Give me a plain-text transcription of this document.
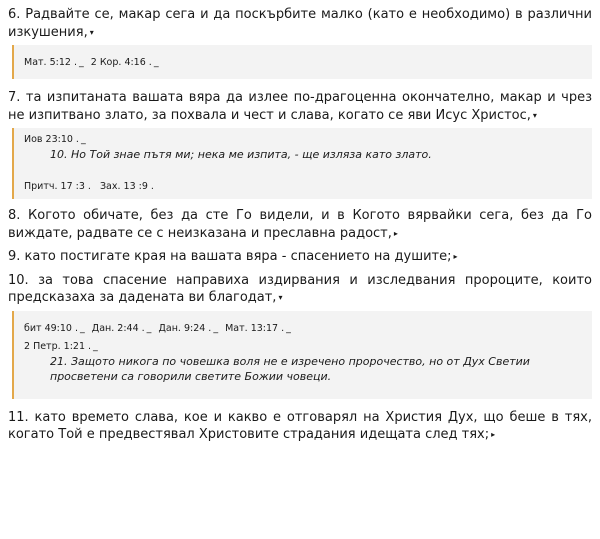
6. Радвайте се, макар сега и да поскърбите малко (като е необходимо) в различни изкушения, ▾

Мат. 5:12 . _ 2 Кор. 4:16 . _

7. та изпитаната вашата вяра да излее по-драгоценна окончателно, макар и чрез не изпитвано злато, за похвала и чест и слава, когато се яви Исус Христос, ▾

Иов 23:10 . _

10. Но Той знае пътя ми; нека ме изпита, - ще изляза като злато.

Притч. 17 :3 . Зах. 13 :9 .

8. Когото обичате, без да сте Го видели, и в Когото вярвайки сега, без да Го виждате, радвате се с неизказана и преславна радост, ▸

9. като постигате края на вашата вяра - спасението на душите; ▸

10. за това спасение направиха издирвания и изследвания пророците, които предсказаха за дадената ви благодат, ▾

бит 49:10 . _ Дан. 2:44 . _ Дан. 9:24 . _ Мат. 13:17 . _

2 Петр. 1:21 . _

21. Защото никога по човешка воля не е изречено пророчество, но от Дух Светии просветени са говорили светите Божии човеци.

11. като времето слава, кое и какво е отговарял на Христия Дух, що беше в тях, когато Той е предвестявал Христовите страдания идещата след тях; ▸
